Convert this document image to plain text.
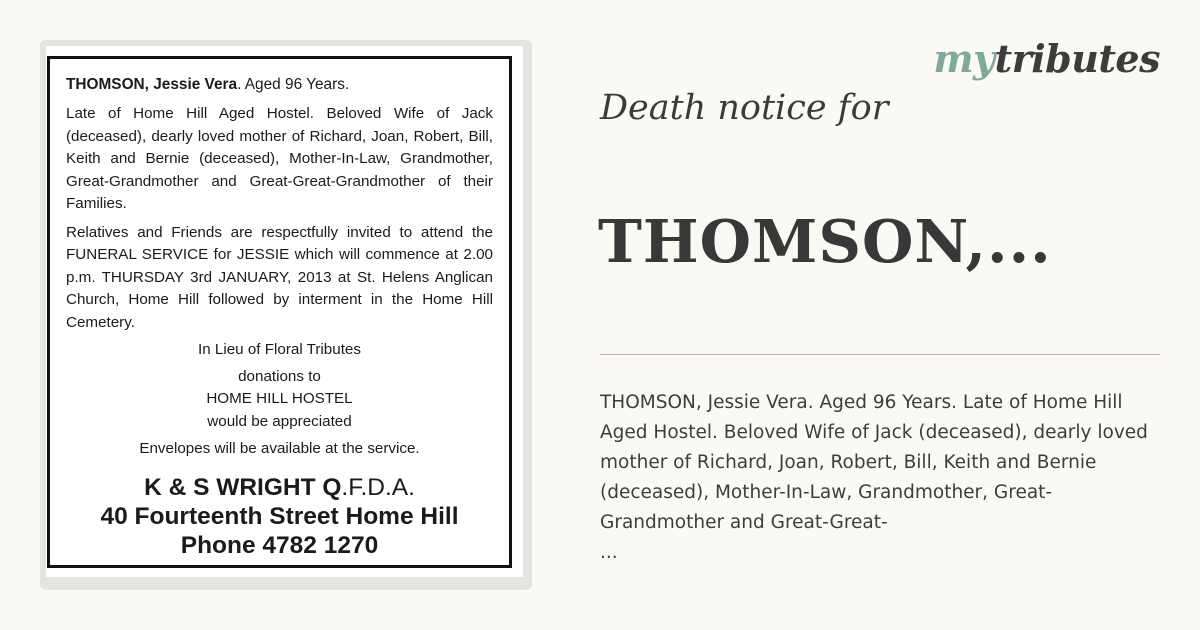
THOMSON, Jessie Vera. Aged 96 Years.

Late of Home Hill Aged Hostel. Beloved Wife of Jack (deceased), dearly loved mother of Richard, Joan, Robert, Bill, Keith and Bernie (deceased), Mother-In-Law, Grandmother, Great-Grandmother and Great-Great-Grandmother of their Families.

Relatives and Friends are respectfully invited to attend the FUNERAL SERVICE for JESSIE which will commence at 2.00 p.m. THURSDAY 3rd JANUARY, 2013 at St. Helens Anglican Church, Home Hill followed by interment in the Home Hill Cemetery.

In Lieu of Floral Tributes

donations to

HOME HILL HOSTEL

would be appreciated

Envelopes will be available at the service.

K & S WRIGHT Q.F.D.A.

40 Fourteenth Street Home Hill

Phone 4782 1270

mytributes
Death notice for
THOMSON,...

THOMSON, Jessie Vera. Aged 96 Years. Late of Home Hill Aged Hostel. Beloved Wife of Jack (deceased), dearly loved mother of Richard, Joan, Robert, Bill, Keith and Bernie (deceased), Mother-In-Law, Grandmother, Great-Grandmother and Great-Great-
...
